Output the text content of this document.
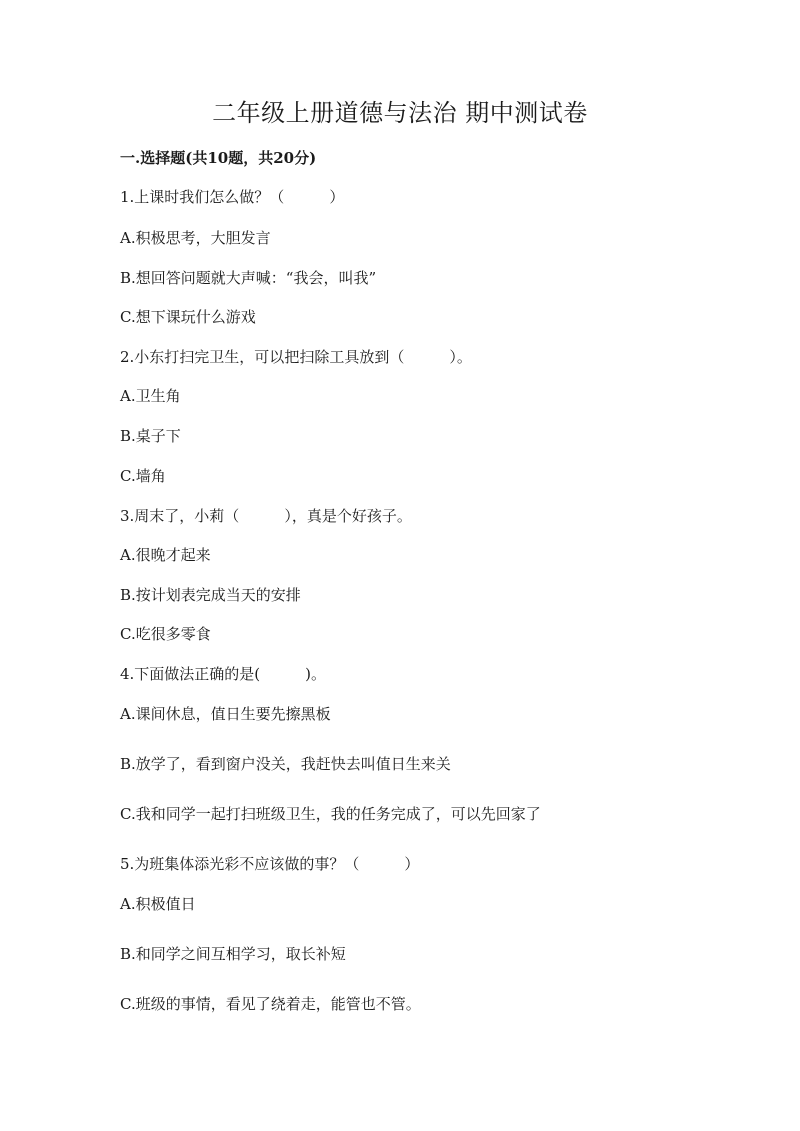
二年级上册道德与法治 期中测试卷
一.选择题(共10题，共20分)
1.上课时我们怎么做？（　　　）
A.积极思考，大胆发言
B.想回答问题就大声喊：“我会，叫我”
C.想下课玩什么游戏
2.小东打扫完卫生，可以把扫除工具放到（　　　）。
A.卫生角
B.桌子下
C.墙角
3.周末了，小莉（　　　），真是个好孩子。
A.很晚才起来
B.按计划表完成当天的安排
C.吃很多零食
4.下面做法正确的是(　　　)。
A.课间休息，值日生要先擦黑板
B.放学了，看到窗户没关，我赶快去叫值日生来关
C.我和同学一起打扫班级卫生，我的任务完成了，可以先回家了
5.为班集体添光彩不应该做的事？（　　　）
A.积极值日
B.和同学之间互相学习，取长补短
C.班级的事情，看见了绕着走，能管也不管。
